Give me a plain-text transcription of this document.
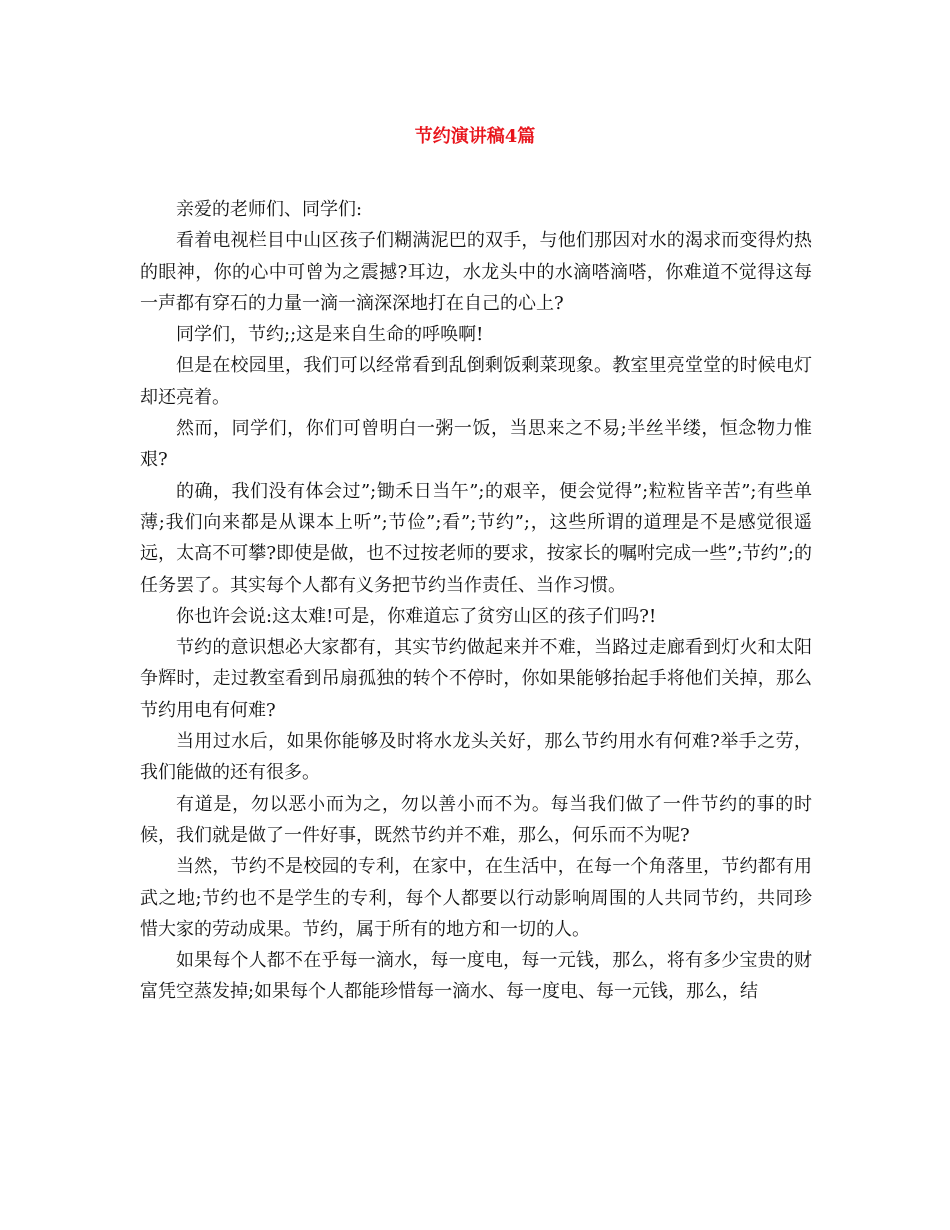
节约演讲稿4篇

亲爱的老师们、同学们:

看着电视栏目中山区孩子们糊满泥巴的双手，与他们那因对水的渴求而变得灼热的眼神，你的心中可曾为之震撼?耳边，水龙头中的水滴嗒滴嗒，你难道不觉得这每一声都有穿石的力量一滴一滴深深地打在自己的心上?

同学们，节约;;这是来自生命的呼唤啊!

但是在校园里，我们可以经常看到乱倒剩饭剩菜现象。教室里亮堂堂的时候电灯却还亮着。

然而，同学们，你们可曾明白一粥一饭，当思来之不易;半丝半缕，恒念物力惟艰?

的确，我们没有体会过”;锄禾日当午”;的艰辛，便会觉得”;粒粒皆辛苦”;有些单薄;我们向来都是从课本上听”;节俭”;看”;节约”;，这些所谓的道理是不是感觉很遥远，太高不可攀?即使是做，也不过按老师的要求，按家长的嘱咐完成一些”;节约”;的任务罢了。其实每个人都有义务把节约当作责任、当作习惯。

你也许会说:这太难!可是，你难道忘了贫穷山区的孩子们吗?!

节约的意识想必大家都有，其实节约做起来并不难，当路过走廊看到灯火和太阳争辉时，走过教室看到吊扇孤独的转个不停时，你如果能够抬起手将他们关掉，那么节约用电有何难?

当用过水后，如果你能够及时将水龙头关好，那么节约用水有何难?举手之劳，我们能做的还有很多。

有道是，勿以恶小而为之，勿以善小而不为。每当我们做了一件节约的事的时候，我们就是做了一件好事，既然节约并不难，那么，何乐而不为呢?

当然，节约不是校园的专利，在家中，在生活中，在每一个角落里，节约都有用武之地;节约也不是学生的专利，每个人都要以行动影响周围的人共同节约，共同珍惜大家的劳动成果。节约，属于所有的地方和一切的人。

如果每个人都不在乎每一滴水，每一度电，每一元钱，那么，将有多少宝贵的财富凭空蒸发掉;如果每个人都能珍惜每一滴水、每一度电、每一元钱，那么，结
